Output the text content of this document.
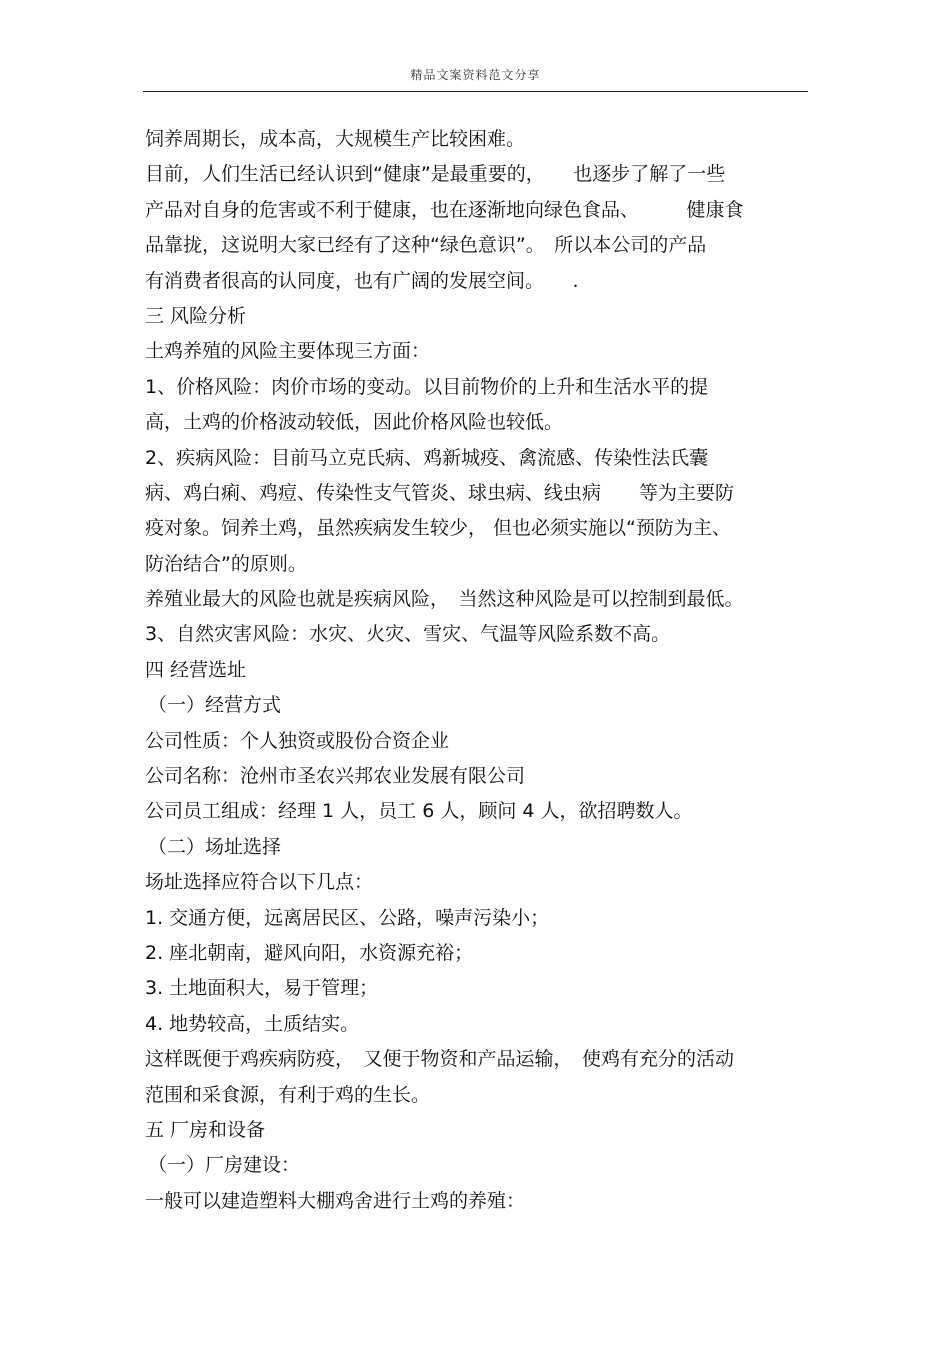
精品文案资料范文分享
饲养周期长，成本高，大规模生产比较困难。
目前，人们生活已经认识到“健康”是最重要的，　　也逐步了解了一些
产品对自身的危害或不利于健康，也在逐渐地向绿色食品、　　　健康食
品靠拢，这说明大家已经有了这种“绿色意识”。　所以本公司的产品
有消费者很高的认同度，也有广阔的发展空间。　　.
三 风险分析
土鸡养殖的风险主要体现三方面：
1、价格风险：肉价市场的变动。以目前物价的上升和生活水平的提
高，土鸡的价格波动较低，因此价格风险也较低。
2、疾病风险：目前马立克氏病、鸡新城疫、禽流感、传染性法氏囊
病、鸡白痢、鸡痘、传染性支气管炎、球虫病、线虫病　　等为主要防
疫对象。饲养土鸡，虽然疾病发生较少， 但也必须实施以“预防为主、
防治结合”的原则。
养殖业最大的风险也就是疾病风险，　当然这种风险是可以控制到最低。
3、自然灾害风险：水灾、火灾、雪灾、气温等风险系数不高。
四 经营选址
（一）经营方式
公司性质：个人独资或股份合资企业
公司名称：沧州市圣农兴邦农业发展有限公司
公司员工组成：经理 1 人，员工 6 人，顾问 4 人，欲招聘数人。
（二）场址选择
场址选择应符合以下几点：
1. 交通方便，远离居民区、公路，噪声污染小；
2. 座北朝南，避风向阳，水资源充裕；
3. 土地面积大，易于管理；
4. 地势较高，土质结实。
这样既便于鸡疾病防疫，　又便于物资和产品运输，　使鸡有充分的活动
范围和采食源，有利于鸡的生长。
五 厂房和设备
（一）厂房建设：
一般可以建造塑料大棚鸡舍进行土鸡的养殖：
